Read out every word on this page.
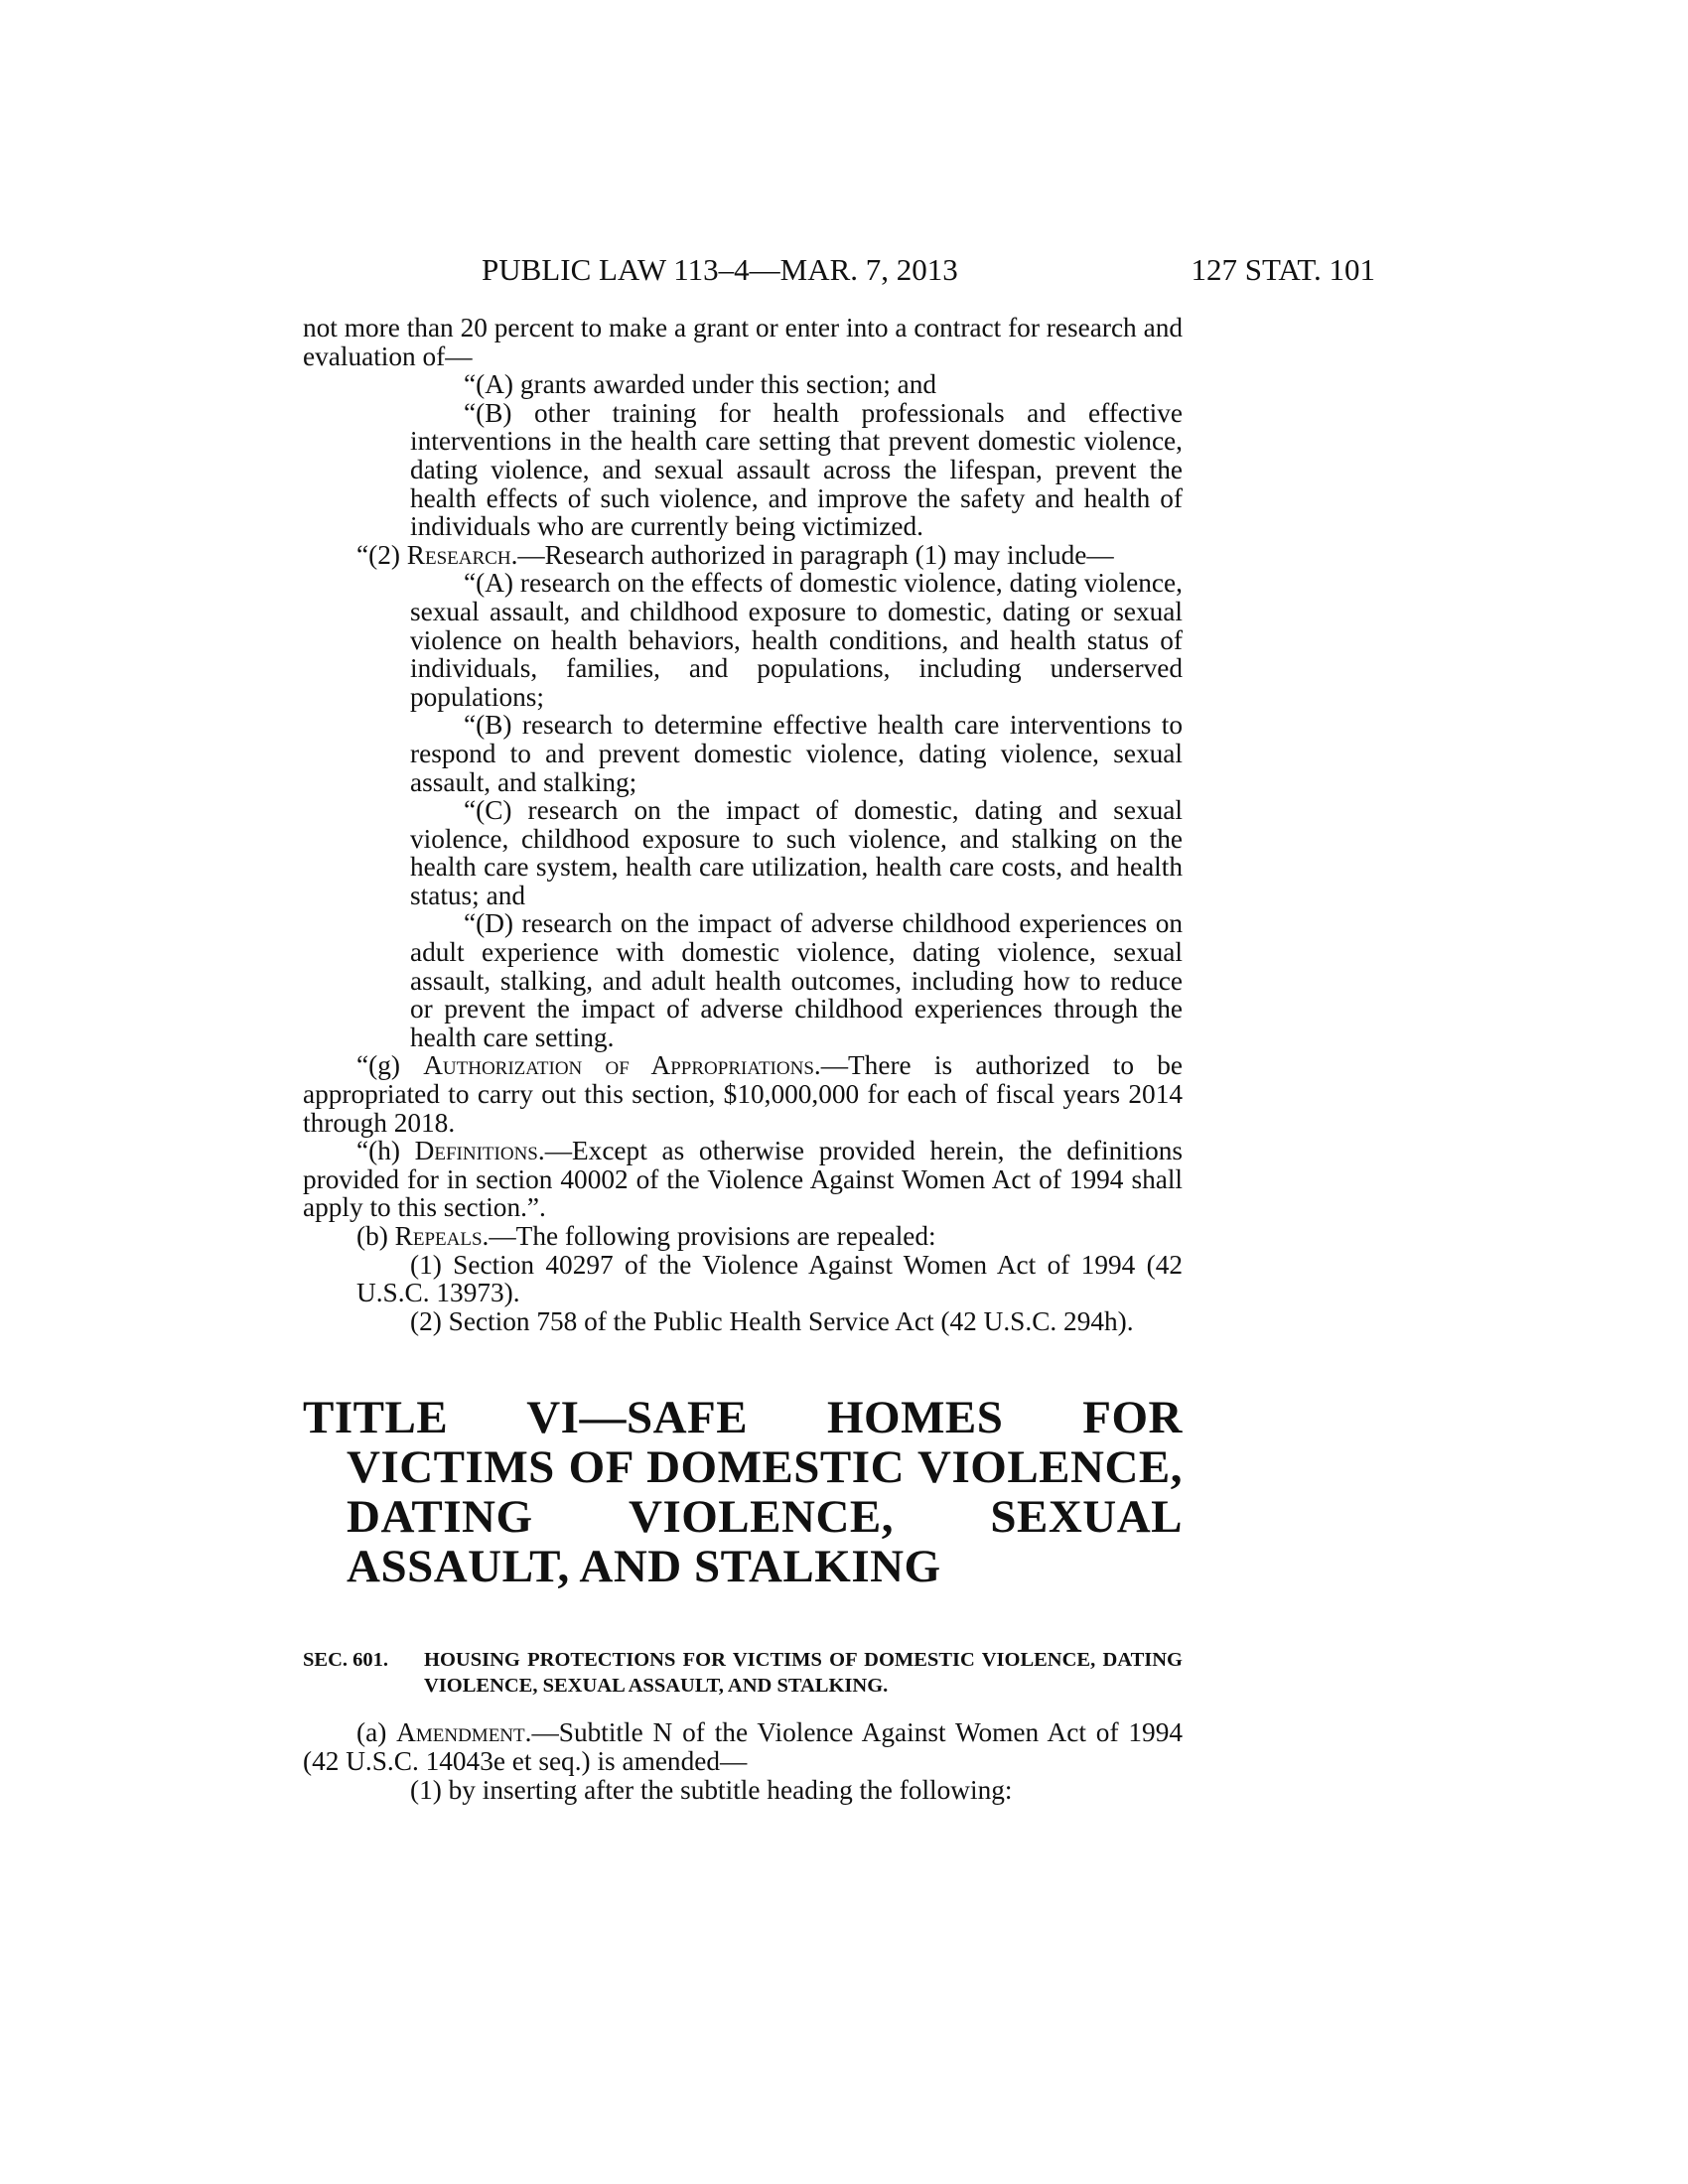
PUBLIC LAW 113–4—MAR. 7, 2013	127 STAT. 101

not more than 20 percent to make a grant or enter into a contract for research and evaluation of—

“(A) grants awarded under this section; and

“(B) other training for health professionals and effective interventions in the health care setting that prevent domestic violence, dating violence, and sexual assault across the lifespan, prevent the health effects of such violence, and improve the safety and health of individuals who are currently being victimized.

“(2) Research.—Research authorized in paragraph (1) may include—

“(A) research on the effects of domestic violence, dating violence, sexual assault, and childhood exposure to domestic, dating or sexual violence on health behaviors, health conditions, and health status of individuals, families, and populations, including underserved populations;

“(B) research to determine effective health care interventions to respond to and prevent domestic violence, dating violence, sexual assault, and stalking;

“(C) research on the impact of domestic, dating and sexual violence, childhood exposure to such violence, and stalking on the health care system, health care utilization, health care costs, and health status; and

“(D) research on the impact of adverse childhood experiences on adult experience with domestic violence, dating violence, sexual assault, stalking, and adult health outcomes, including how to reduce or prevent the impact of adverse childhood experiences through the health care setting.

“(g) Authorization of Appropriations.—There is authorized to be appropriated to carry out this section, $10,000,000 for each of fiscal years 2014 through 2018.

“(h) Definitions.—Except as otherwise provided herein, the definitions provided for in section 40002 of the Violence Against Women Act of 1994 shall apply to this section.”.

(b) Repeals.—The following provisions are repealed:

(1) Section 40297 of the Violence Against Women Act of 1994 (42 U.S.C. 13973).

(2) Section 758 of the Public Health Service Act (42 U.S.C. 294h).

TITLE VI—SAFE HOMES FOR VICTIMS OF DOMESTIC VIOLENCE, DATING VIOLENCE, SEXUAL ASSAULT, AND STALKING
SEC. 601. HOUSING PROTECTIONS FOR VICTIMS OF DOMESTIC VIOLENCE, DATING VIOLENCE, SEXUAL ASSAULT, AND STALKING.

(a) Amendment.—Subtitle N of the Violence Against Women Act of 1994 (42 U.S.C. 14043e et seq.) is amended—

(1) by inserting after the subtitle heading the following:
